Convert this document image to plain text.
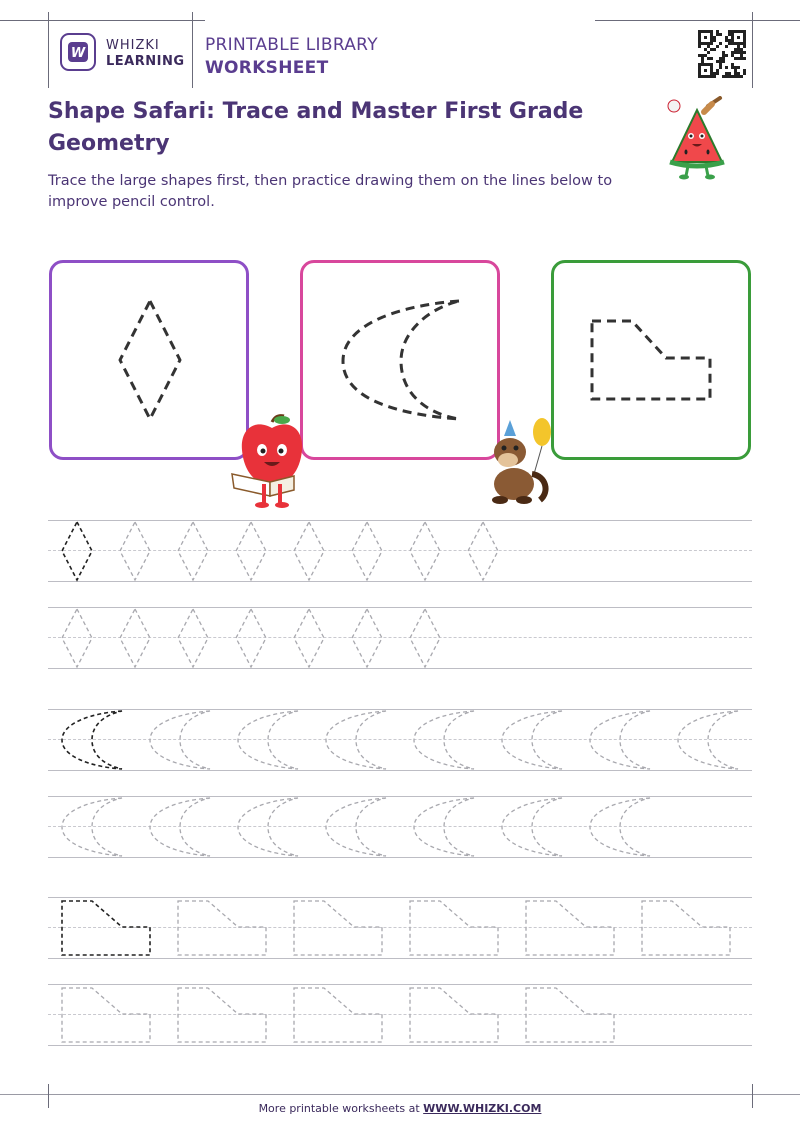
W
WHIZKI
LEARNING
PRINTABLE LIBRARY
WORKSHEET
Shape Safari: Trace and Master First Grade Geometry
Trace the large shapes first, then practice drawing them on the lines below to improve pencil control.
More printable worksheets at WWW.WHIZKI.COM
